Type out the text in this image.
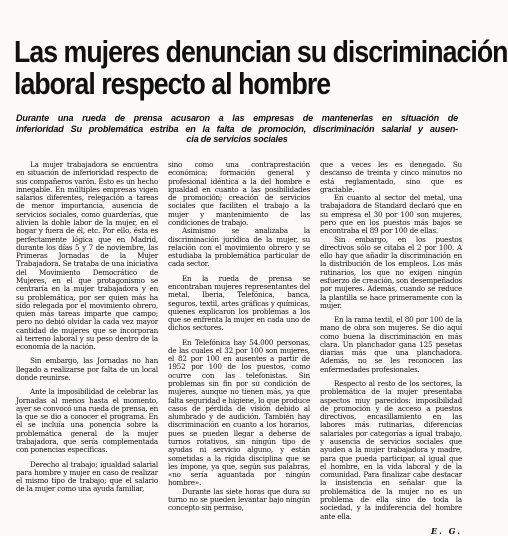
Las mujeres denuncian su discriminación
laboral respecto al hombre
Durante una rueda de prensa acusaron a las empresas de mantenerlas en situación de
inferioridad Su problemática estriba en la falta de promoción, discriminación salarial y ausen-
cia de servicios sociales

La mujer trabajadora se encuentra en situación de inferioridad respecto de sus compañeros varón. Esto es un hecho innegable. En múltiples empresas vigen salarios diferentes, relegación a tareas de menor importancia, ausencia de servicios sociales, como guarderías, que alivien la doble labor de la mujer, en el hogar y fuera de él, etc. Por ello, ésta es perfectamente lógica que en Madrid, durante los días 5 y 7 de noviembre, las Primeras Jornadas de la Mujer Trabajadora. Se trataba de una iniciativa del Movimiento Democrático de Mujeres, en el que protagonismo se centraría en la mujer trabajadora y en su problemática, por ser quien más ha sido relegada por el movimiento obrero, quien más tareas imparte que campo; pero no debió olvidar la cada vez mayor cantidad de mujeres que se incorporan al terreno laboral y su peso dentro de la economía de la nación.

Sin embargo, las Jornadas no han llegado a realizarse por falta de un local donde reunirse.

Ante la imposibilidad de celebrar las Jornadas al menos hasta el momento, ayer se convocó una rueda de prensa, en la que se dio a conocer el programa. En él se incluía una ponencia sobre la problemática general de la mujer trabajadora, que sería complementada con ponencias específicas.

Derecho al trabajo; igualdad salarial para hombre y mujer en caso de realizar el mismo tipo de trabajo; que el salario de la mujer como una ayuda familiar,

sino como una contraprestación económica; formación general y profesional idéntica a la del hombre e igualdad en cuanto a las posibilidades de promoción; creación de servicios sociales que faciliten el trabajo a la mujer y mantenimiento de las condiciones de trabajo.

Asimismo se analizaba la discriminación jurídica de la mujer, su relación con el movimiento obrero y se estudiaba la problemática particular de cada sector.

En la rueda de prensa se encontraban mujeres representantes del metal, Iberia, Telefónica, banca, seguros, textil, artes gráficas y químicas, quienes explicaron los problemas a los que se enfrenta la mujer en cada uno de dichos sectores.

En Telefónica hay 54.000 personas, de las cuales el 32 por 100 son mujeres, el 82 por 100 en ausentes a partir de 1952 por 100 de los puestos, como ocurre con las telefonistas. Sin problemas sin fin por su condición de mujeres, aunque no tienen más, ya que falta seguridad e higiene, lo que produce casos de pérdida de visión debido al alumbrado y de audición. También hay discriminación en cuanto a los horarios, pues se pueden llegar a deberse de turnos rotativos, sin ningún tipo de ayudas ni servicio alguno, y están sometidas a la rígida disciplina que se les impone, ya que, según sus palabras, «no sería aguantada por ningún hombre».

Durante las siete horas que dura su turno no se pueden levantar bajo ningún concepto sin permiso,

que a veces les es denegado. Su descanso de treinta y cinco minutos no está reglamentado, sino que es graciable.

En cuanto al sector del metal, una trabajadora de Standard declaró que en su empresa el 30 por 100 son mujeres, pero que en los puestos más bajos se encontraba el 89 por 100 de ellas.

Sin embargo, en los puestos directivos sólo se citaba el 2 por 100. A ello hay que añadir la discriminación en la distribución de los empleos. Los más rutinarios, los que no exigen ningún esfuerzo de creación, son desempeñados por mujeres. Además, cuando se reduce la plantilla se hace primeramente con la mujer.

En la rama textil, el 80 por 100 de la mano de obra son mujeres. Se dio aquí como buena la discriminación en más clara. Un planchador gana 125 pesetas diarias más que una planchadora. Además, no se les reconocen las enfermedades profesionales.

Respecto al resto de los sectores, la problemática de la mujer presentaba aspectos muy parecidos: imposibilidad de promoción y de acceso a puestos directivos, encasillamiento en las labores más rutinarias, diferencias salariales por categorías a igual trabajo, y ausencia de servicios sociales que ayuden a la mujer trabajadora y madre, para que pueda participar, al igual que el hombre, en la vida laboral y de la comunidad. Para finalizar cabe destacar la insistencia en señalar que la problemática de la mujer no es un problema de ella sino de toda la sociedad, y la indiferencia del hombre ante ella.

E. G.
